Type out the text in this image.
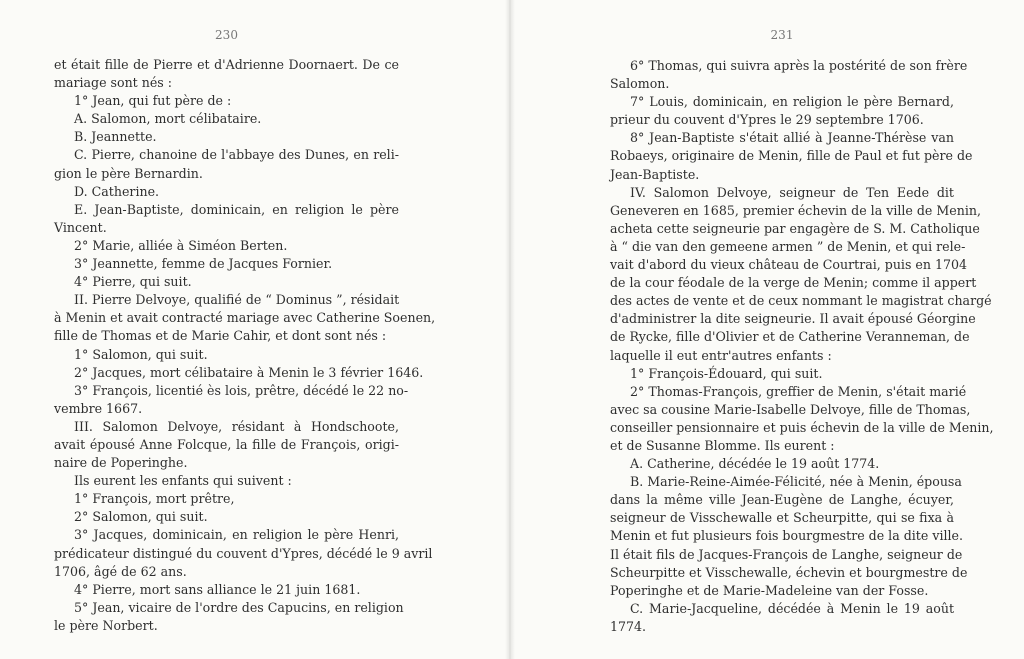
230
et était fille de Pierre et d'Adrienne Doornaert. De ce
mariage sont nés :
1° Jean, qui fut père de :
A. Salomon, mort célibataire.
B. Jeannette.
C. Pierre, chanoine de l'abbaye des Dunes, en reli-
gion le père Bernardin.
D. Catherine.
E. Jean-Baptiste, dominicain, en religion le père
Vincent.
2° Marie, alliée à Siméon Berten.
3° Jeannette, femme de Jacques Fornier.
4° Pierre, qui suit.
II. Pierre Delvoye, qualifié de “ Dominus ”, résidait
à Menin et avait contracté mariage avec Catherine Soenen,
fille de Thomas et de Marie Cahir, et dont sont nés :
1° Salomon, qui suit.
2° Jacques, mort célibataire à Menin le 3 février 1646.
3° François, licentié ès lois, prêtre, décédé le 22 no-
vembre 1667.
III. Salomon Delvoye, résidant à Hondschoote,
avait épousé Anne Folcque, la fille de François, origi-
naire de Poperinghe.
Ils eurent les enfants qui suivent :
1° François, mort prêtre,
2° Salomon, qui suit.
3° Jacques, dominicain, en religion le père Henri,
prédicateur distingué du couvent d'Ypres, décédé le 9 avril
1706, âgé de 62 ans.
4° Pierre, mort sans alliance le 21 juin 1681.
5° Jean, vicaire de l'ordre des Capucins, en religion
le père Norbert.
231
6° Thomas, qui suivra après la postérité de son frère
Salomon.
7° Louis, dominicain, en religion le père Bernard,
prieur du couvent d'Ypres le 29 septembre 1706.
8° Jean-Baptiste s'était allié à Jeanne-Thérèse van
Robaeys, originaire de Menin, fille de Paul et fut père de
Jean-Baptiste.
IV. Salomon Delvoye, seigneur de Ten Eede dit
Geneveren en 1685, premier échevin de la ville de Menin,
acheta cette seigneurie par engagère de S. M. Catholique
à “ die van den gemeene armen ” de Menin, et qui rele-
vait d'abord du vieux château de Courtrai, puis en 1704
de la cour féodale de la verge de Menin; comme il appert
des actes de vente et de ceux nommant le magistrat chargé
d'administrer la dite seigneurie. Il avait épousé Géorgine
de Rycke, fille d'Olivier et de Catherine Veranneman, de
laquelle il eut entr'autres enfants :
1° François-Édouard, qui suit.
2° Thomas-François, greffier de Menin, s'était marié
avec sa cousine Marie-Isabelle Delvoye, fille de Thomas,
conseiller pensionnaire et puis échevin de la ville de Menin,
et de Susanne Blomme. Ils eurent :
A. Catherine, décédée le 19 août 1774.
B. Marie-Reine-Aimée-Félicité, née à Menin, épousa
dans la même ville Jean-Eugène de Langhe, écuyer,
seigneur de Visschewalle et Scheurpitte, qui se fixa à
Menin et fut plusieurs fois bourgmestre de la dite ville.
Il était fils de Jacques-François de Langhe, seigneur de
Scheurpitte et Visschewalle, échevin et bourgmestre de
Poperinghe et de Marie-Madeleine van der Fosse.
C. Marie-Jacqueline, décédée à Menin le 19 août
1774.
